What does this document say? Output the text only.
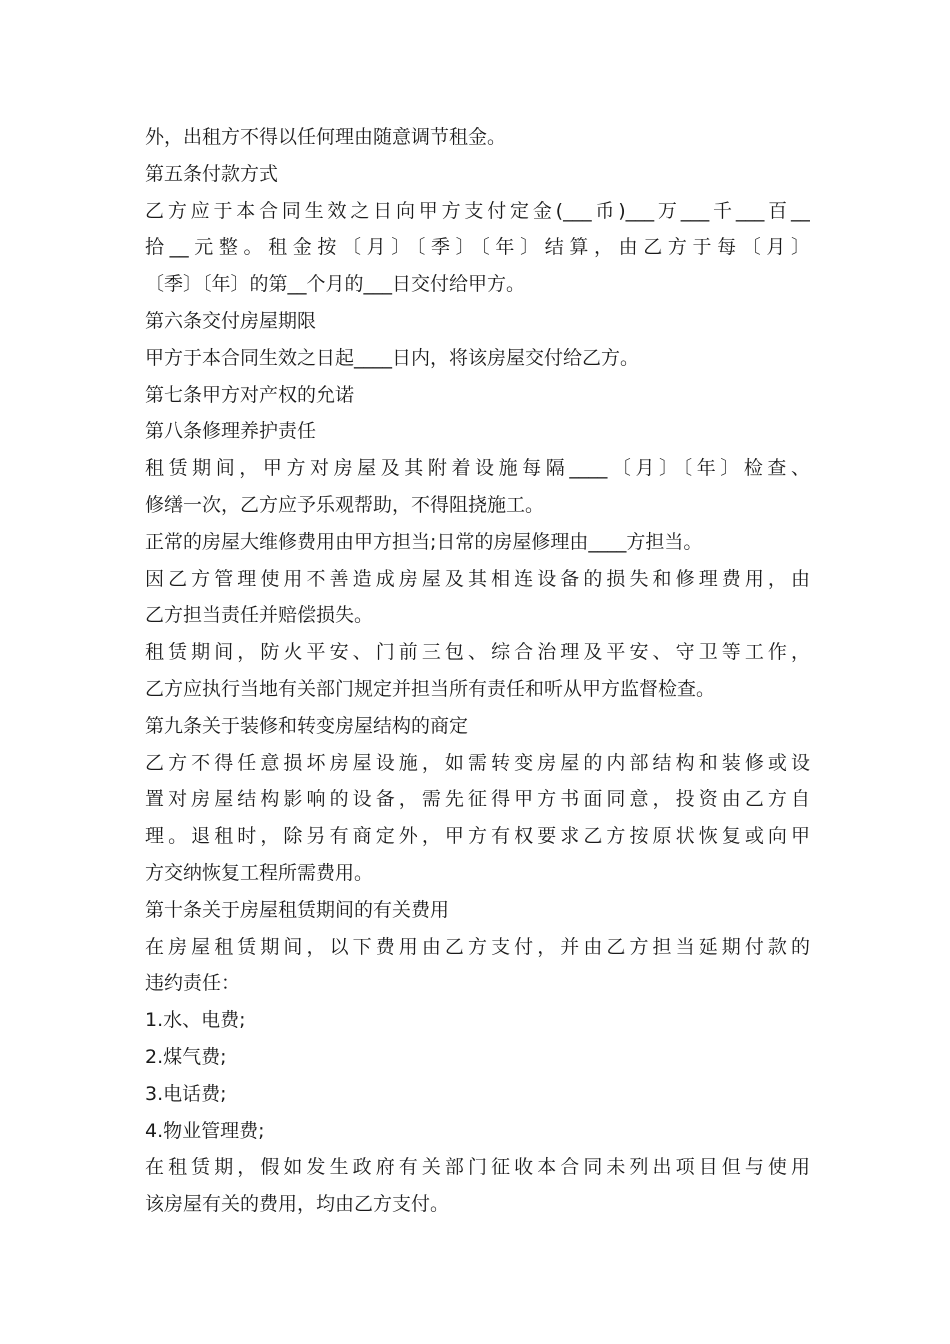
外，出租方不得以任何理由随意调节租金。
第五条付款方式
乙方应于本合同生效之日向甲方支付定金(___币)___万___千___百__
拾__元整。租金按〔月〕〔季〕〔年〕结算，由乙方于每〔月〕
〔季〕〔年〕的第__个月的___日交付给甲方。
第六条交付房屋期限
甲方于本合同生效之日起____日内，将该房屋交付给乙方。
第七条甲方对产权的允诺
第八条修理养护责任
租赁期间，甲方对房屋及其附着设施每隔____〔月〕〔年〕检查、
修缮一次，乙方应予乐观帮助，不得阻挠施工。
正常的房屋大维修费用由甲方担当;日常的房屋修理由____方担当。
因乙方管理使用不善造成房屋及其相连设备的损失和修理费用，由
乙方担当责任并赔偿损失。
租赁期间，防火平安、门前三包、综合治理及平安、守卫等工作，
乙方应执行当地有关部门规定并担当所有责任和听从甲方监督检查。
第九条关于装修和转变房屋结构的商定
乙方不得任意损坏房屋设施，如需转变房屋的内部结构和装修或设
置对房屋结构影响的设备，需先征得甲方书面同意，投资由乙方自
理。退租时，除另有商定外，甲方有权要求乙方按原状恢复或向甲
方交纳恢复工程所需费用。
第十条关于房屋租赁期间的有关费用
在房屋租赁期间，以下费用由乙方支付，并由乙方担当延期付款的
违约责任：
1.水、电费;
2.煤气费;
3.电话费;
4.物业管理费;
在租赁期，假如发生政府有关部门征收本合同未列出项目但与使用
该房屋有关的费用，均由乙方支付。
